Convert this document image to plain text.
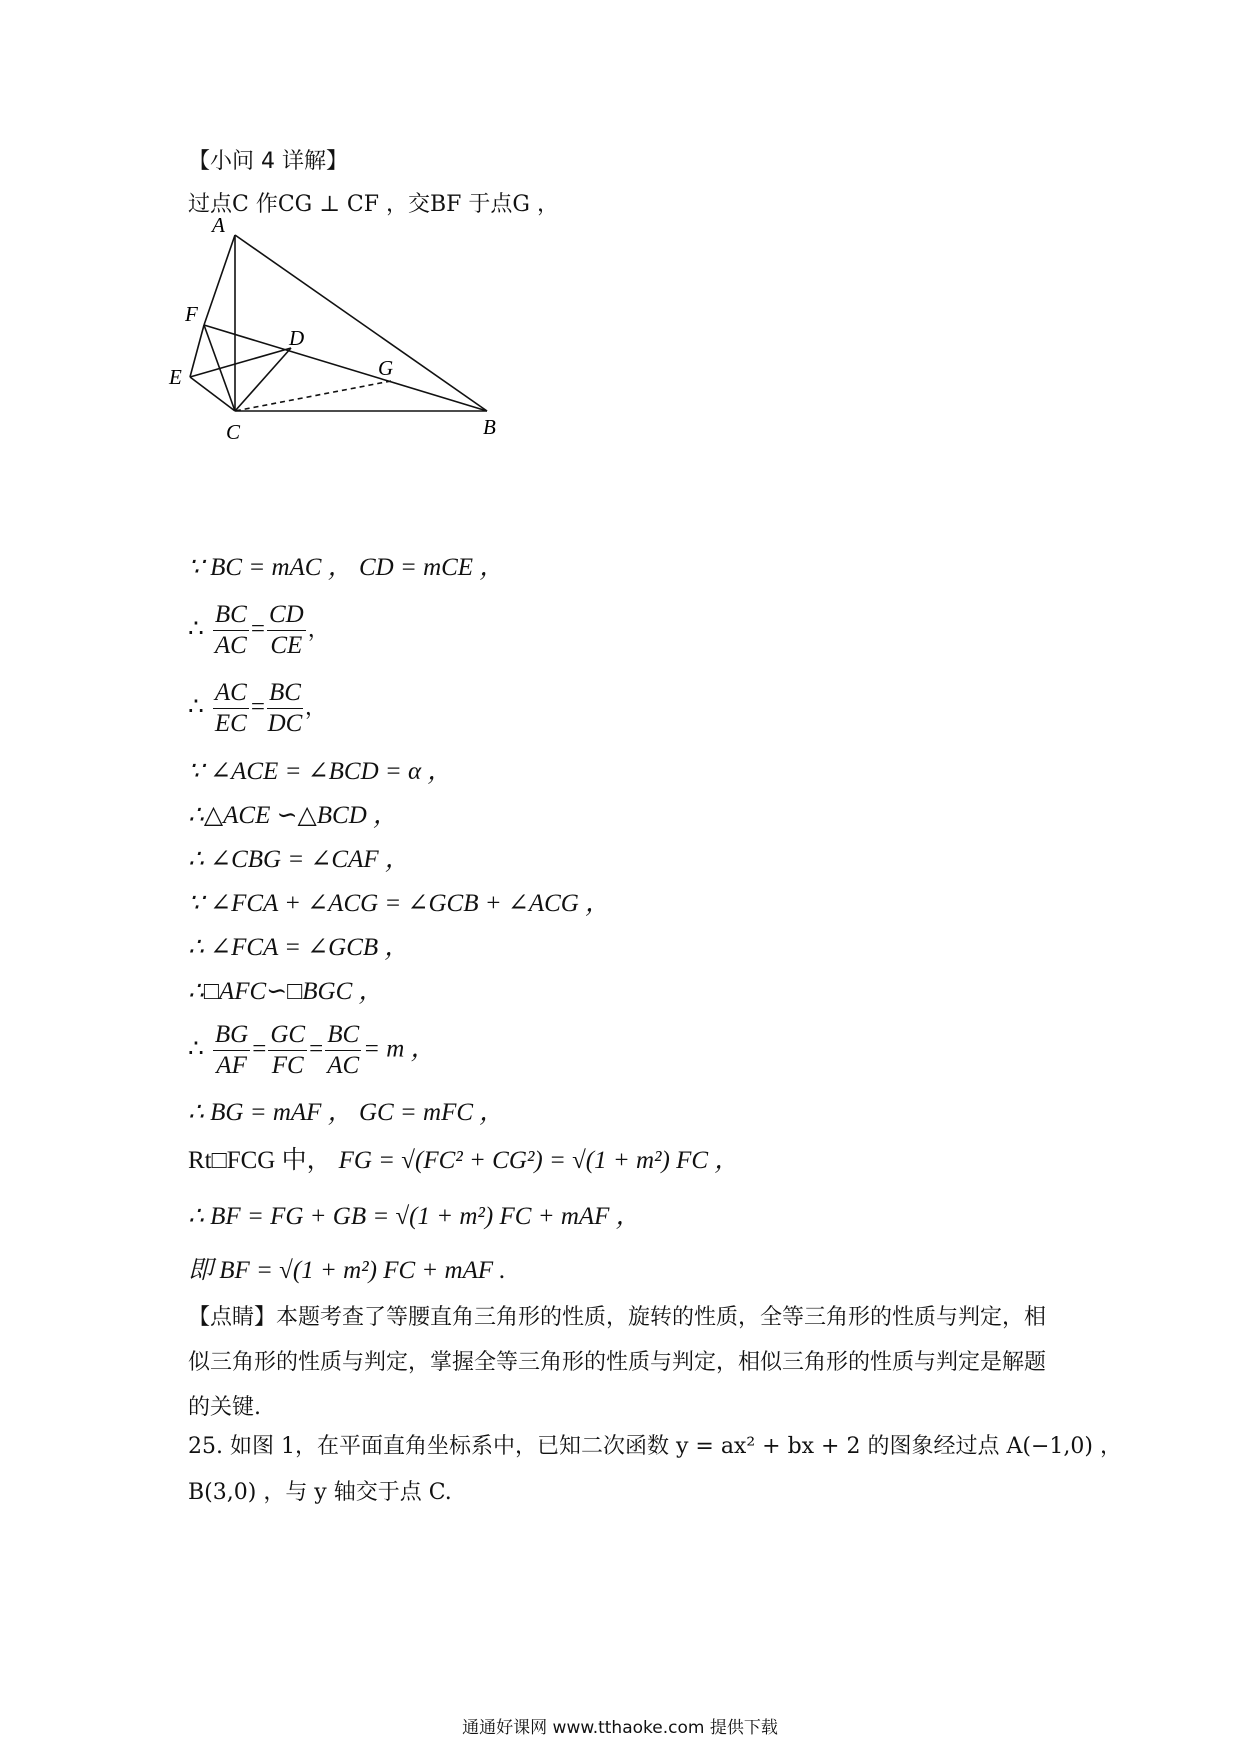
【小问 4 详解】
过点C 作CG ⊥ CF ，交BF 于点G ，
A
F
D
E	G
C	B
∵ BC = mAC ， CD = mCE ，
∴ $\frac{BC}{AC} = \frac{CD}{CE}$ ，
∴ $\frac{AC}{EC} = \frac{BC}{DC}$ ，
∵ ∠ACE = ∠BCD = α ，
∴△ACE ∽△BCD ，
∴ ∠CBG = ∠CAF ，
∵ ∠FCA + ∠ACG = ∠GCB + ∠ACG ，
∴ ∠FCA = ∠GCB ，
∴□AFC∽□BGC ，
∴ $\frac{BG}{AF} = \frac{GC}{FC} = \frac{BC}{AC} = m$ ，
∴ BG = mAF ， GC = mFC ，
Rt□FCG 中， FG = √(FC² + CG²) = √(1 + m²) FC ，
∴ BF = FG + GB = √(1 + m²) FC + mAF ，
即 BF = √(1 + m²) FC + mAF .
【点睛】本题考查了等腰直角三角形的性质，旋转的性质，全等三角形的性质与判定，相似三角形的性质与判定，掌握全等三角形的性质与判定，相似三角形的性质与判定是解题的关键.
25. 如图 1，在平面直角坐标系中，已知二次函数 y = ax² + bx + 2 的图象经过点 A(−1,0) ，
B(3,0) ，与 y 轴交于点 C.
通通好课网 www.tthaoke.com 提供下载
